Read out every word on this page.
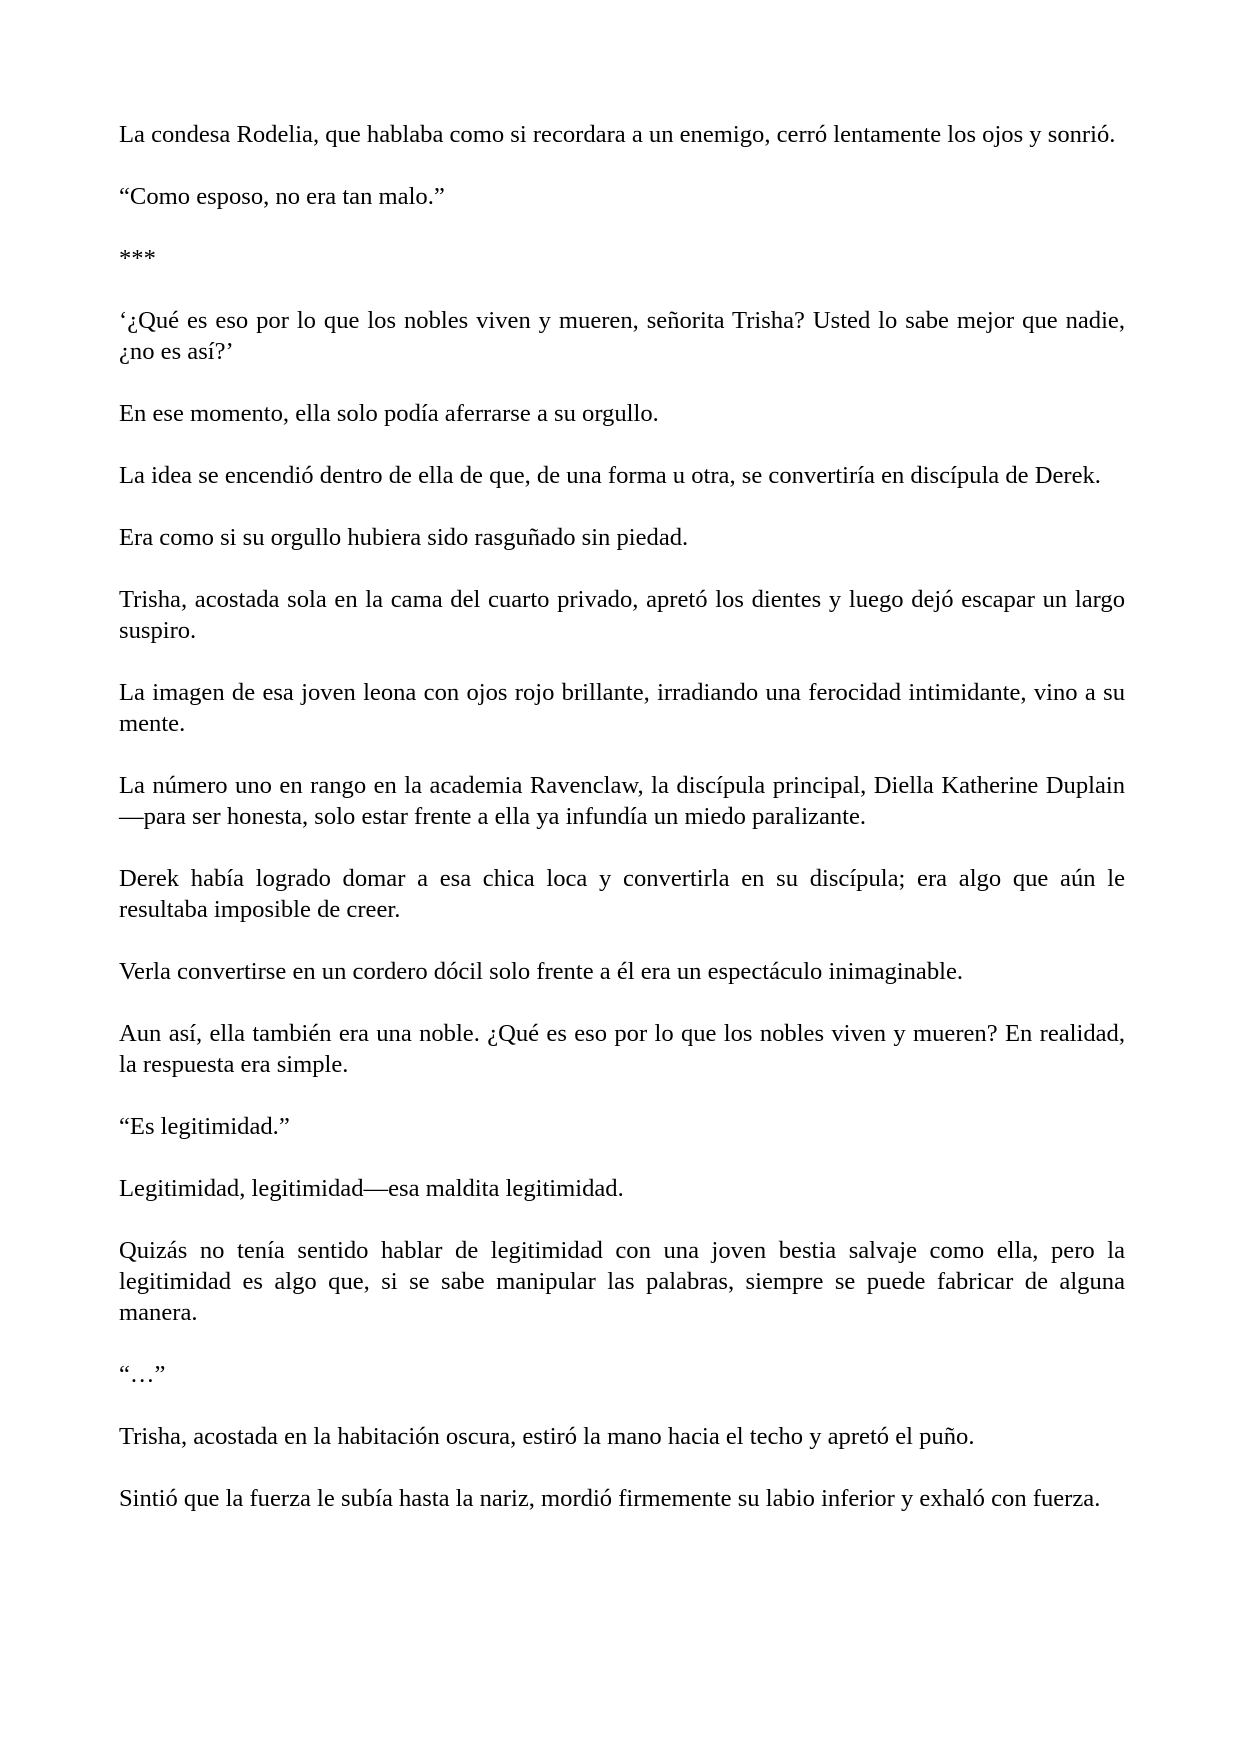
La condesa Rodelia, que hablaba como si recordara a un enemigo, cerró lentamente los ojos y sonrió.

“Como esposo, no era tan malo.”

***

‘¿Qué es eso por lo que los nobles viven y mueren, señorita Trisha? Usted lo sabe mejor que nadie, ¿no es así?’

En ese momento, ella solo podía aferrarse a su orgullo.

La idea se encendió dentro de ella de que, de una forma u otra, se convertiría en discípula de Derek.

Era como si su orgullo hubiera sido rasguñado sin piedad.

Trisha, acostada sola en la cama del cuarto privado, apretó los dientes y luego dejó escapar un largo suspiro.

La imagen de esa joven leona con ojos rojo brillante, irradiando una ferocidad intimidante, vino a su mente.

La número uno en rango en la academia Ravenclaw, la discípula principal, Diella Katherine Duplain—para ser honesta, solo estar frente a ella ya infundía un miedo paralizante.

Derek había logrado domar a esa chica loca y convertirla en su discípula; era algo que aún le resultaba imposible de creer.

Verla convertirse en un cordero dócil solo frente a él era un espectáculo inimaginable.

Aun así, ella también era una noble. ¿Qué es eso por lo que los nobles viven y mueren? En realidad, la respuesta era simple.

“Es legitimidad.”

Legitimidad, legitimidad—esa maldita legitimidad.

Quizás no tenía sentido hablar de legitimidad con una joven bestia salvaje como ella, pero la legitimidad es algo que, si se sabe manipular las palabras, siempre se puede fabricar de alguna manera.

“…”

Trisha, acostada en la habitación oscura, estiró la mano hacia el techo y apretó el puño.

Sintió que la fuerza le subía hasta la nariz, mordió firmemente su labio inferior y exhaló con fuerza.
